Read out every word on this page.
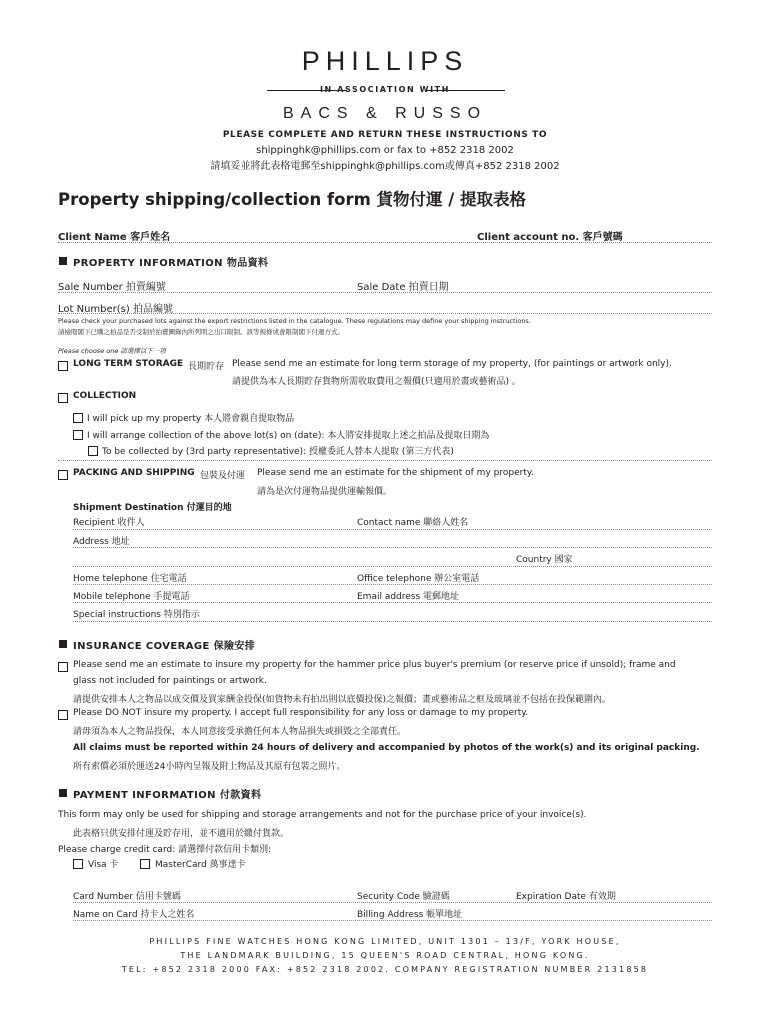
PHILLIPS
IN ASSOCIATION WITH
BACS & RUSSO
PLEASE COMPLETE AND RETURN THESE INSTRUCTIONS TO
shippinghk@phillips.com or fax to +852 2318 2002
請填妥並將此表格電郵至shippinghk@phillips.com或傳真+852 2318 2002
Property shipping/collection form 貨物付運 / 提取表格
Client Name 客戶姓名	Client account no. 客戶號碼
PROPERTY INFORMATION 物品資料
Sale Number 拍賣編號	Sale Date 拍賣日期
Lot Number(s) 拍品編號
Please check your purchased lots against the export restrictions listed in the catalogue. These regulations may define your shipping instructions.
請檢閱閣下已購之拍品是否受制於拍賣圖錄內所列明之出口限制。該等規條或會限制閣下付運方式。
Please choose one 請選擇以下一項
LONG TERM STORAGE 長期貯存 Please send me an estimate for long term storage of my property, (for paintings or artwork only).
請提供為本人長期貯存貨物所需收取費用之報價(只適用於畫或藝術品) 。
COLLECTION
I will pick up my property 本人將會親自提取物品
I will arrange collection of the above lot(s) on (date): 本人將安排提取上述之拍品及提取日期為
To be collected by (3rd party representative): 授權委託人替本人提取 (第三方代表)
PACKING AND SHIPPING 包裝及付運 Please send me an estimate for the shipment of my property.
請為是次付運物品提供運輸報價。
Shipment Destination 付運目的地
Recipient 收件人	Contact name 聯絡人姓名
Address 地址
Country 國家
Home telephone 住宅電話	Office telephone 辦公室電話
Mobile telephone 手提電話	Email address 電郵地址
Special instructions 特別指示
INSURANCE COVERAGE 保險安排
Please send me an estimate to insure my property for the hammer price plus buyer's premium (or reserve price if unsold); frame and
glass not included for paintings or artwork.
請提供安排本人之物品以成交價及買家酬金投保(如貨物未有拍出則以底價投保)之報價；畫或藝術品之框及玻璃並不包括在投保範圍內。
Please DO NOT insure my property. I accept full responsibility for any loss or damage to my property.
請毋須為本人之物品投保，本人同意接受承擔任何本人物品損失或損毀之全部責任。
All claims must be reported within 24 hours of delivery and accompanied by photos of the work(s) and its original packing.
所有索償必須於運送24小時內呈報及附上物品及其原有包裝之照片。
PAYMENT INFORMATION 付款資料
This form may only be used for shipping and storage arrangements and not for the purchase price of your invoice(s).
此表格只供安排付運及貯存用，並不適用於繳付貨款。
Please charge credit card: 請選擇付款信用卡類別:
Visa 卡	MasterCard 萬事達卡
Card Number 信用卡號碼	Security Code 驗證碼	Expiration Date 有效期
Name on Card 持卡人之姓名	Billing Address 帳單地址
PHILLIPS FINE WATCHES HONG KONG LIMITED, UNIT 1301 – 13/F, YORK HOUSE,
THE LANDMARK BUILDING, 15 QUEEN'S ROAD CENTRAL, HONG KONG.
TEL: +852 2318 2000 FAX: +852 2318 2002. COMPANY REGISTRATION NUMBER 2131858
